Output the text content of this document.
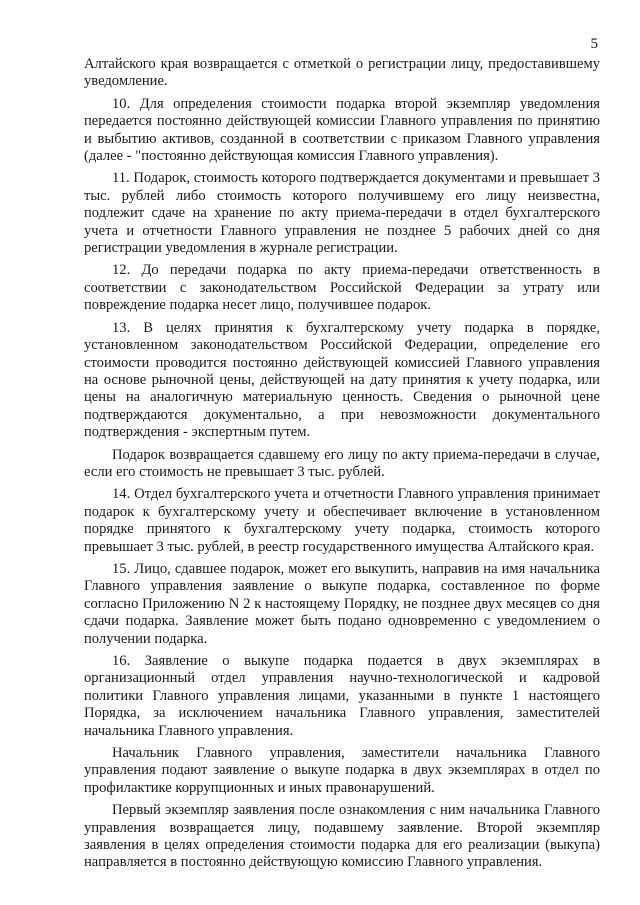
5

Алтайского края возвращается с отметкой о регистрации лицу, предоставившему уведомление.

10. Для определения стоимости подарка второй экземпляр уведомления передается постоянно действующей комиссии Главного управления по принятию и выбытию активов, созданной в соответствии с приказом Главного управления (далее - "постоянно действующая комиссия Главного управления).

11. Подарок, стоимость которого подтверждается документами и превышает 3 тыс. рублей либо стоимость которого получившему его лицу неизвестна, подлежит сдаче на хранение по акту приема-передачи в отдел бухгалтерского учета и отчетности Главного управления не позднее 5 рабочих дней со дня регистрации уведомления в журнале регистрации.

12. До передачи подарка по акту приема-передачи ответственность в соответствии с законодательством Российской Федерации за утрату или повреждение подарка несет лицо, получившее подарок.

13. В целях принятия к бухгалтерскому учету подарка в порядке, установленном законодательством Российской Федерации, определение его стоимости проводится постоянно действующей комиссией Главного управления на основе рыночной цены, действующей на дату принятия к учету подарка, или цены на аналогичную материальную ценность. Сведения о рыночной цене подтверждаются документально, а при невозможности документального подтверждения - экспертным путем.

Подарок возвращается сдавшему его лицу по акту приема-передачи в случае, если его стоимость не превышает 3 тыс. рублей.

14. Отдел бухгалтерского учета и отчетности Главного управления принимает подарок к бухгалтерскому учету и обеспечивает включение в установленном порядке принятого к бухгалтерскому учету подарка, стоимость которого превышает 3 тыс. рублей, в реестр государственного имущества Алтайского края.

15. Лицо, сдавшее подарок, может его выкупить, направив на имя начальника Главного управления заявление о выкупе подарка, составленное по форме согласно Приложению N 2 к настоящему Порядку, не позднее двух месяцев со дня сдачи подарка. Заявление может быть подано одновременно с уведомлением о получении подарка.

16. Заявление о выкупе подарка подается в двух экземплярах в организационный отдел управления научно-технологической и кадровой политики Главного управления лицами, указанными в пункте 1 настоящего Порядка, за исключением начальника Главного управления, заместителей начальника Главного управления.

Начальник Главного управления, заместители начальника Главного управления подают заявление о выкупе подарка в двух экземплярах в отдел по профилактике коррупционных и иных правонарушений.

Первый экземпляр заявления после ознакомления с ним начальника Главного управления возвращается лицу, подавшему заявление. Второй экземпляр заявления в целях определения стоимости подарка для его реализации (выкупа) направляется в постоянно действующую комиссию Главного управления.
